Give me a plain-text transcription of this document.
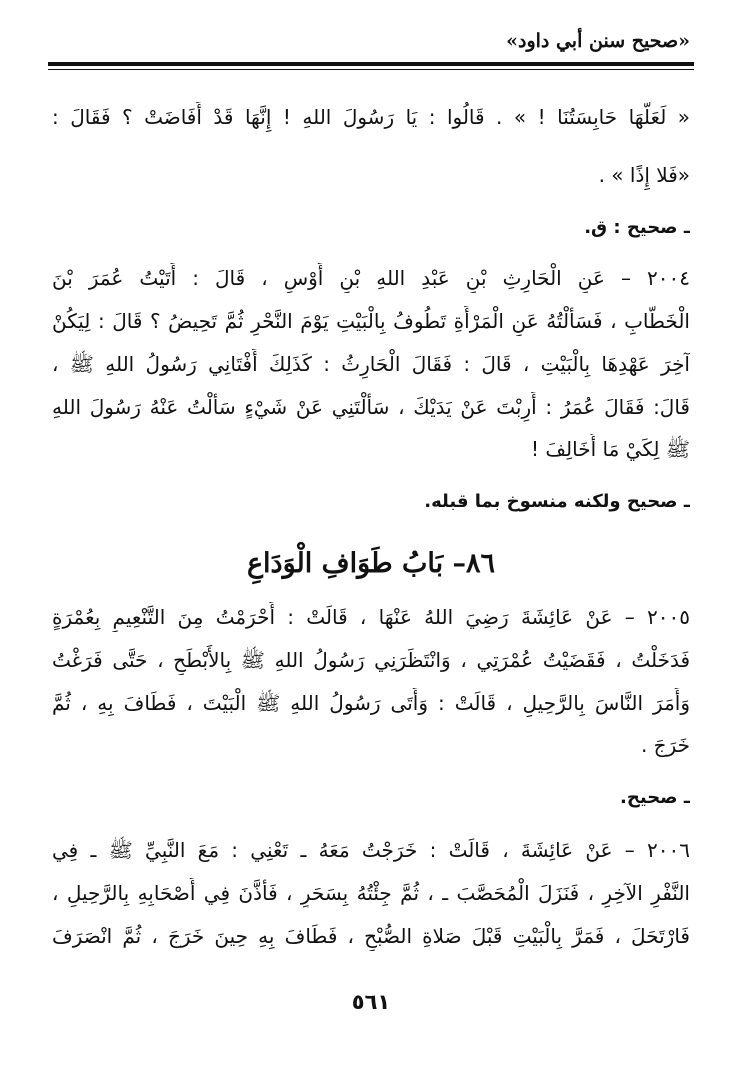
«صحيح سنن أبي داود»
« لَعَلَّهَا حَابِسَتُنَا ! » . قَالُوا : يَا رَسُولَ اللهِ ! إِنَّهَا قَدْ أَفَاضَتْ ؟ فَقَالَ :
«فَلا إِذًا » .
ـ صحيح : ق.
٢٠٠٤ – عَنِ الْحَارِثِ بْنِ عَبْدِ اللهِ بْنِ أَوْسٍ ، قَالَ : أَتَيْتُ عُمَرَ بْنَ
الْخَطَّابِ ، فَسَأَلْتُهُ عَنِ الْمَرْأَةِ تَطُوفُ بِالْبَيْتِ يَوْمَ النَّحْرِ ثُمَّ تَحِيضُ ؟ قَالَ : لِيَكُنْ
آخِرَ عَهْدِهَا بِالْبَيْتِ ، قَالَ : فَقَالَ الْحَارِثُ : كَذَلِكَ أَفْتَانِي رَسُولُ اللهِ ﷺ ،
قَالَ: فَقَالَ عُمَرُ : أَرِبْتَ عَنْ يَدَيْكَ ، سَأَلْتَنِي عَنْ شَيْءٍ سَأَلْتُ عَنْهُ رَسُولَ اللهِ
ﷺ لِكَيْ مَا أُخَالِفَ !
ـ صحيح ولكنه منسوخ بما قبله.
٨٦– بَابُ طَوَافِ الْوَدَاعِ
٢٠٠٥ – عَنْ عَائِشَةَ رَضِيَ اللهُ عَنْهَا ، قَالَتْ : أَحْرَمْتُ مِنَ التَّنْعِيمِ بِعُمْرَةٍ
فَدَخَلْتُ ، فَقَضَيْتُ عُمْرَتِي ، وَانْتَظَرَنِي رَسُولُ اللهِ ﷺ بِالأَبْطَحِ ، حَتَّى فَرَغْتُ
وَأَمَرَ النَّاسَ بِالرَّحِيلِ ، قَالَتْ : وَأَتَى رَسُولُ اللهِ ﷺ الْبَيْتَ ، فَطَافَ بِهِ ، ثُمَّ
خَرَجَ .
ـ صحيح.
٢٠٠٦ – عَنْ عَائِشَةَ ، قَالَتْ : خَرَجْتُ مَعَهُ ـ تَعْنِي : مَعَ النَّبِيِّ ﷺ ـ فِي
النَّفْرِ الآخِرِ ، فَنَزَلَ الْمُحَصَّبَ ـ ، ثُمَّ جِئْتُهُ بِسَحَرٍ ، فَأَذَّنَ فِي أَصْحَابِهِ بِالرَّحِيلِ ،
فَارْتَحَلَ ، فَمَرَّ بِالْبَيْتِ قَبْلَ صَلاةِ الصُّبْحِ ، فَطَافَ بِهِ حِينَ خَرَجَ ، ثُمَّ انْصَرَفَ
٥٦١
